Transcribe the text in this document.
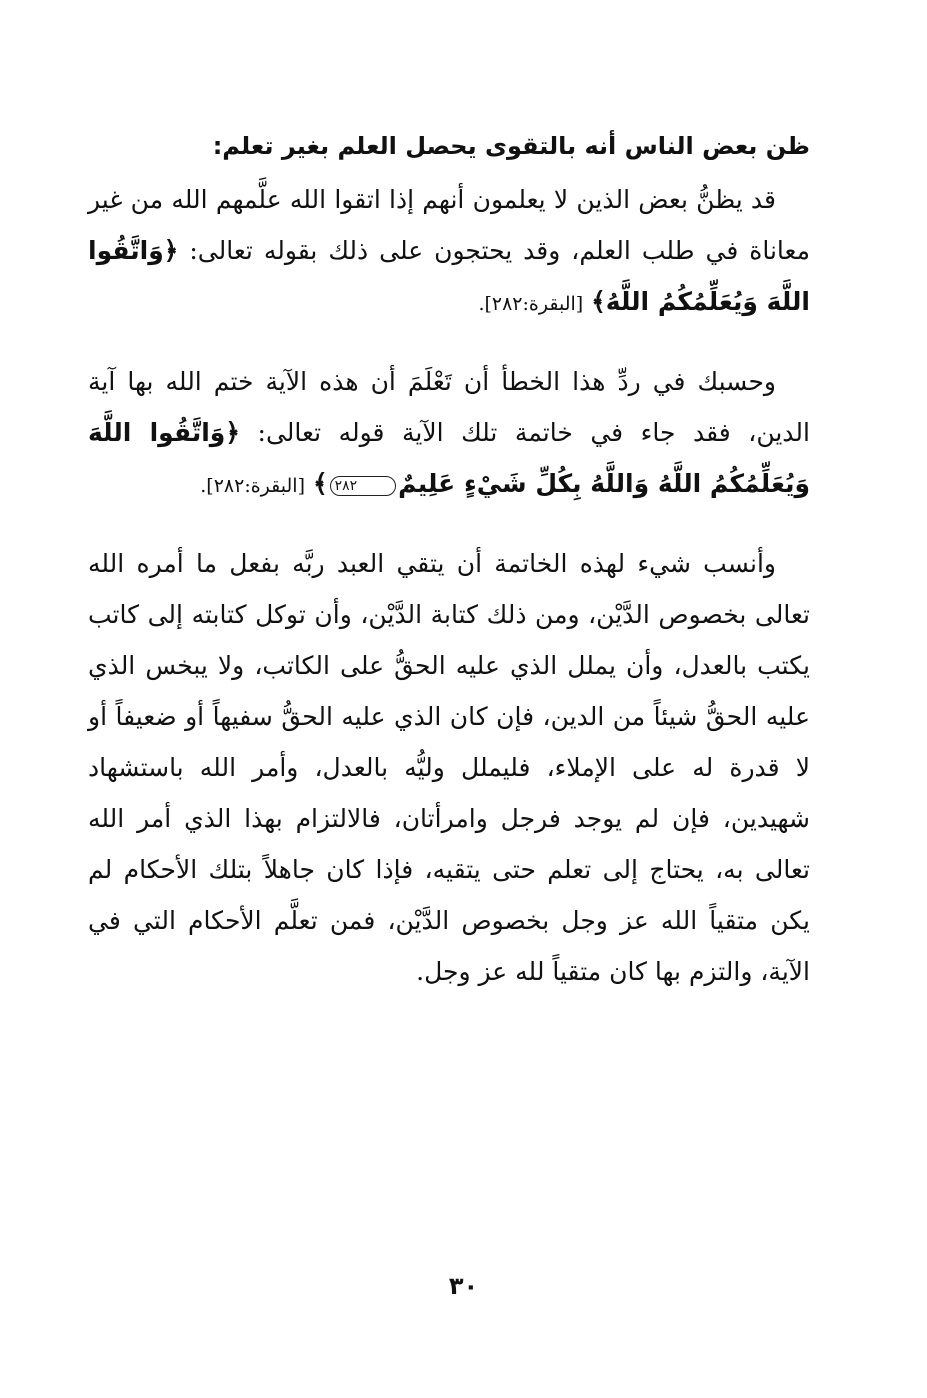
ظن بعض الناس أنه بالتقوى يحصل العلم بغير تعلم:

قد يظنُّ بعض الذين لا يعلمون أنهم إذا اتقوا الله علَّمهم الله من غير معاناة في طلب العلم، وقد يحتجون على ذلك بقوله تعالى: ﴿وَاتَّقُوا اللَّهَ وَيُعَلِّمُكُمُ اللَّهُ﴾ [البقرة:٢٨٢].

وحسبك في ردِّ هذا الخطأ أن تَعْلَمَ أن هذه الآية ختم الله بها آية الدين، فقد جاء في خاتمة تلك الآية قوله تعالى: ﴿وَاتَّقُوا اللَّهَ وَيُعَلِّمُكُمُ اللَّهُ وَاللَّهُ بِكُلِّ شَيْءٍ عَلِيمٌ٢٨٢﴾ [البقرة:٢٨٢].

وأنسب شيء لهذه الخاتمة أن يتقي العبد ربَّه بفعل ما أمره الله تعالى بخصوص الدَّيْن، ومن ذلك كتابة الدَّيْن، وأن توكل كتابته إلى كاتب يكتب بالعدل، وأن يملل الذي عليه الحقُّ على الكاتب، ولا يبخس الذي عليه الحقُّ شيئاً من الدين، فإن كان الذي عليه الحقُّ سفيهاً أو ضعيفاً أو لا قدرة له على الإملاء، فليملل وليُّه بالعدل، وأمر الله باستشهاد شهيدين، فإن لم يوجد فرجل وامرأتان، فالالتزام بهذا الذي أمر الله تعالى به، يحتاج إلى تعلم حتى يتقيه، فإذا كان جاهلاً بتلك الأحكام لم يكن متقياً الله عز وجل بخصوص الدَّيْن، فمن تعلَّم الأحكام التي في الآية، والتزم بها كان متقياً لله عز وجل.

٣٠
